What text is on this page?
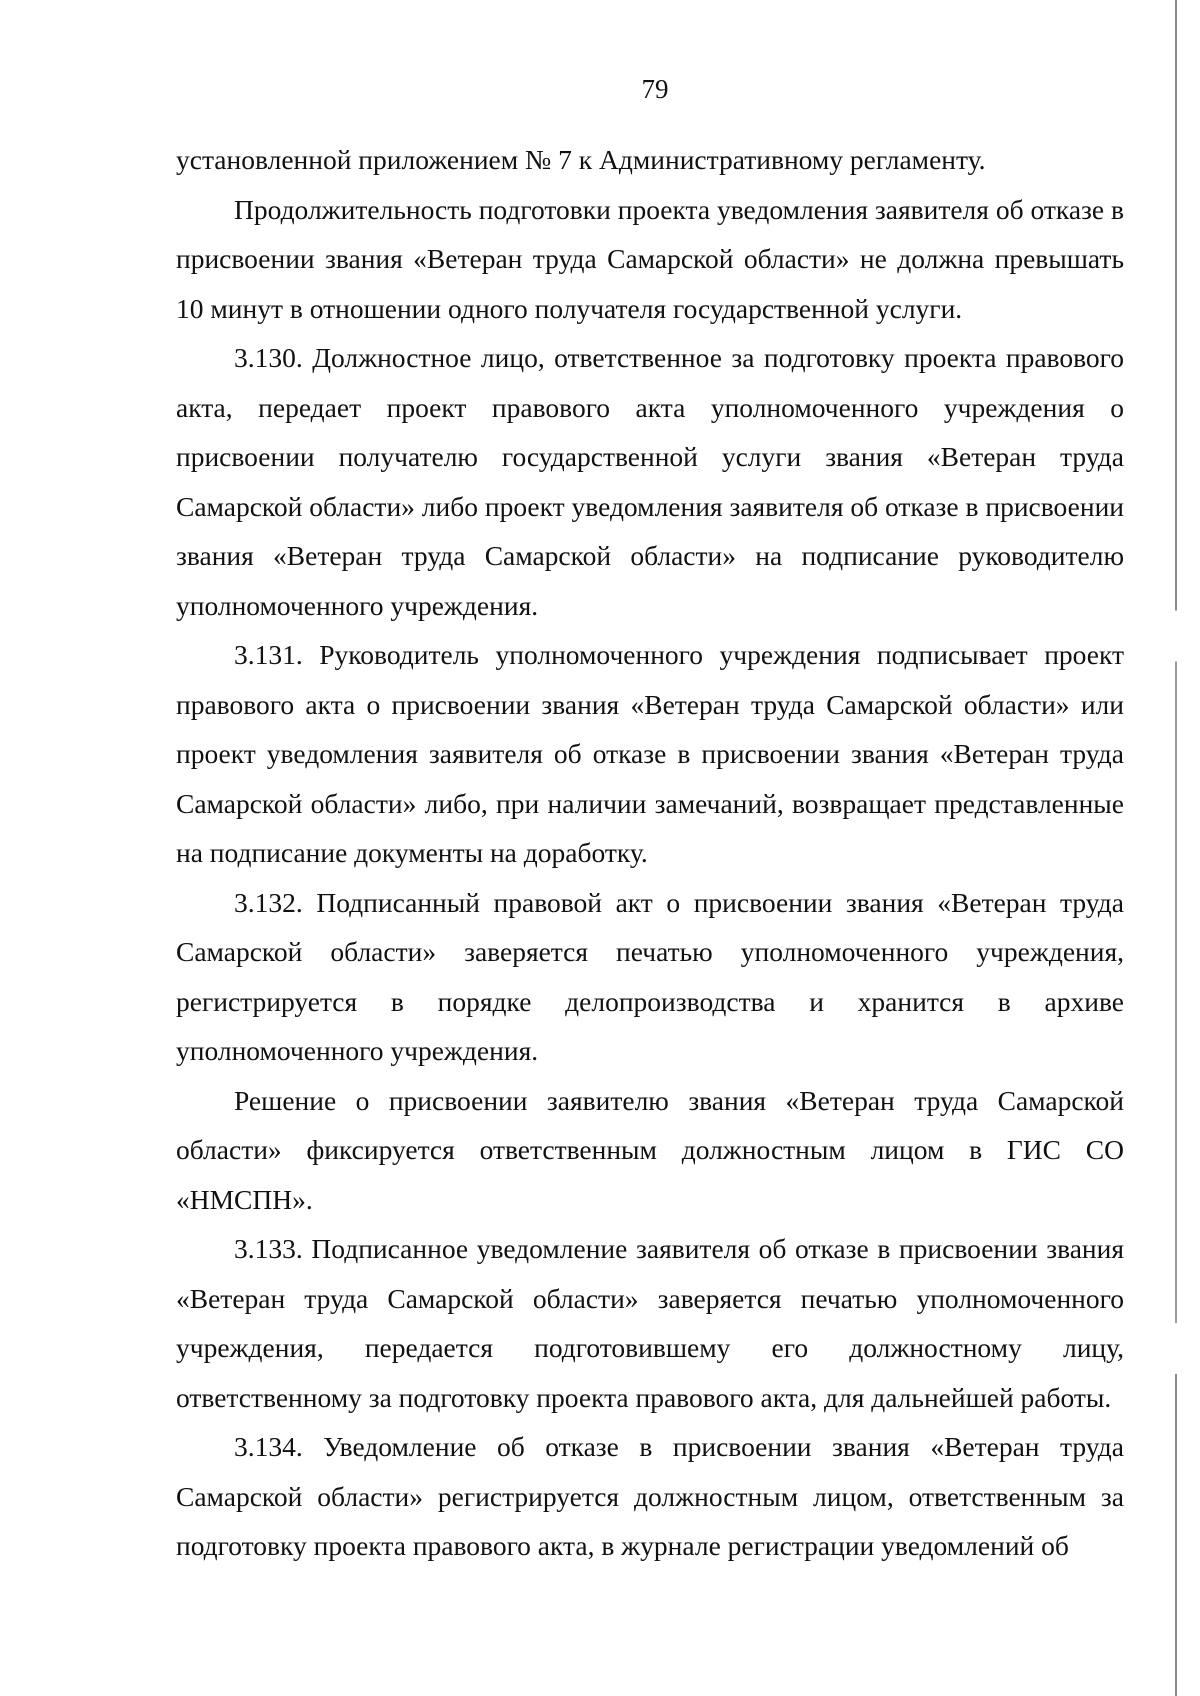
79

установленной приложением № 7 к Административному регламенту.

Продолжительность подготовки проекта уведомления заявителя об отказе в присвоении звания «Ветеран труда Самарской области» не должна превышать 10 минут в отношении одного получателя государственной услуги.

3.130. Должностное лицо, ответственное за подготовку проекта правового акта, передает проект правового акта уполномоченного учреждения о присвоении получателю государственной услуги звания «Ветеран труда Самарской области» либо проект уведомления заявителя об отказе в присвоении звания «Ветеран труда Самарской области» на подписание руководителю уполномоченного учреждения.

3.131. Руководитель уполномоченного учреждения подписывает проект правового акта о присвоении звания «Ветеран труда Самарской области» или проект уведомления заявителя об отказе в присвоении звания «Ветеран труда Самарской области» либо, при наличии замечаний, возвращает представленные на подписание документы на доработку.

3.132. Подписанный правовой акт о присвоении звания «Ветеран труда Самарской области» заверяется печатью уполномоченного учреждения, регистрируется в порядке делопроизводства и хранится в архиве уполномоченного учреждения.

Решение о присвоении заявителю звания «Ветеран труда Самарской области» фиксируется ответственным должностным лицом в ГИС СО «НМСПН».

3.133. Подписанное уведомление заявителя об отказе в присвоении звания «Ветеран труда Самарской области» заверяется печатью уполномоченного учреждения, передается подготовившему его должностному лицу, ответственному за подготовку проекта правового акта, для дальнейшей работы.

3.134. Уведомление об отказе в присвоении звания «Ветеран труда Самарской области» регистрируется должностным лицом, ответственным за подготовку проекта правового акта, в журнале регистрации уведомлений об
